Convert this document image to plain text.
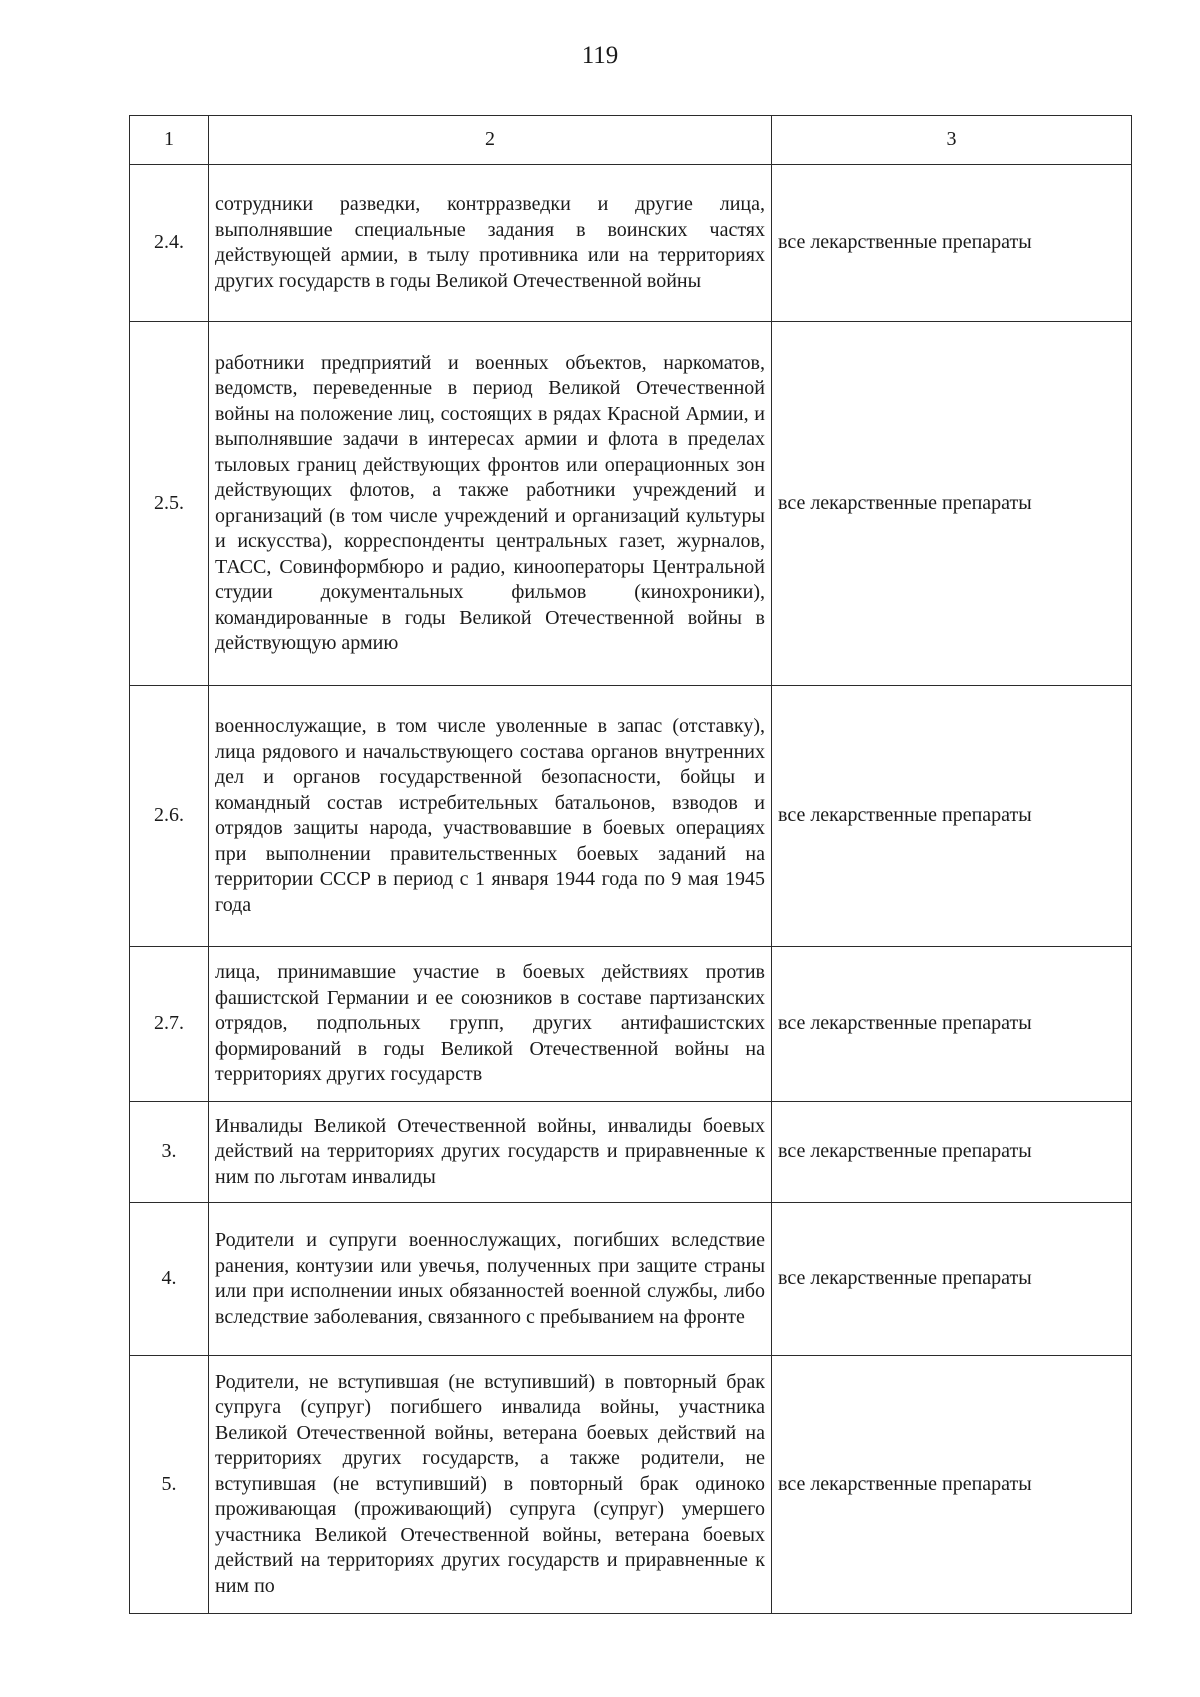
119
1	2	3
2.4.	сотрудники разведки, контрразведки и другие лица, выполнявшие специальные задания в воинских частях действующей армии, в тылу противника или на территориях других государств в годы Великой Отечественной войны	все лекарственные препараты
2.5.	работники предприятий и военных объектов, наркоматов, ведомств, переведенные в период Великой Отечественной войны на положение лиц, состоящих в рядах Красной Армии, и выполнявшие задачи в интересах армии и флота в пределах тыловых границ действующих фронтов или операционных зон действующих флотов, а также работники учреждений и организаций (в том числе учреждений и организаций культуры и искусства), корреспонденты центральных газет, журналов, ТАСС, Совинформбюро и радио, кинооператоры Центральной студии документальных фильмов (кинохроники), командированные в годы Великой Отечественной войны в действующую армию	все лекарственные препараты
2.6.	военнослужащие, в том числе уволенные в запас (отставку), лица рядового и начальствующего состава органов внутренних дел и органов государственной безопасности, бойцы и командный состав истребительных батальонов, взводов и отрядов защиты народа, участвовавшие в боевых операциях при выполнении правительственных боевых заданий на территории СССР в период с 1 января 1944 года по 9 мая 1945 года	все лекарственные препараты
2.7.	лица, принимавшие участие в боевых действиях против фашистской Германии и ее союзников в составе партизанских отрядов, подпольных групп, других антифашистских формирований в годы Великой Отечественной войны на территориях других государств	все лекарственные препараты
3.	Инвалиды Великой Отечественной войны, инвалиды боевых действий на территориях других государств и приравненные к ним по льготам инвалиды	все лекарственные препараты
4.	Родители и супруги военнослужащих, погибших вследствие ранения, контузии или увечья, полученных при защите страны или при исполнении иных обязанностей военной службы, либо вследствие заболевания, связанного с пребыванием на фронте	все лекарственные препараты
5.	Родители, не вступившая (не вступивший) в повторный брак супруга (супруг) погибшего инвалида войны, участника Великой Отечественной войны, ветерана боевых действий на территориях других государств, а также родители, не вступившая (не вступивший) в повторный брак одиноко проживающая (проживающий) супруга (супруг) умершего участника Великой Отечественной войны, ветерана боевых действий на территориях других государств и приравненные к ним по	все лекарственные препараты
